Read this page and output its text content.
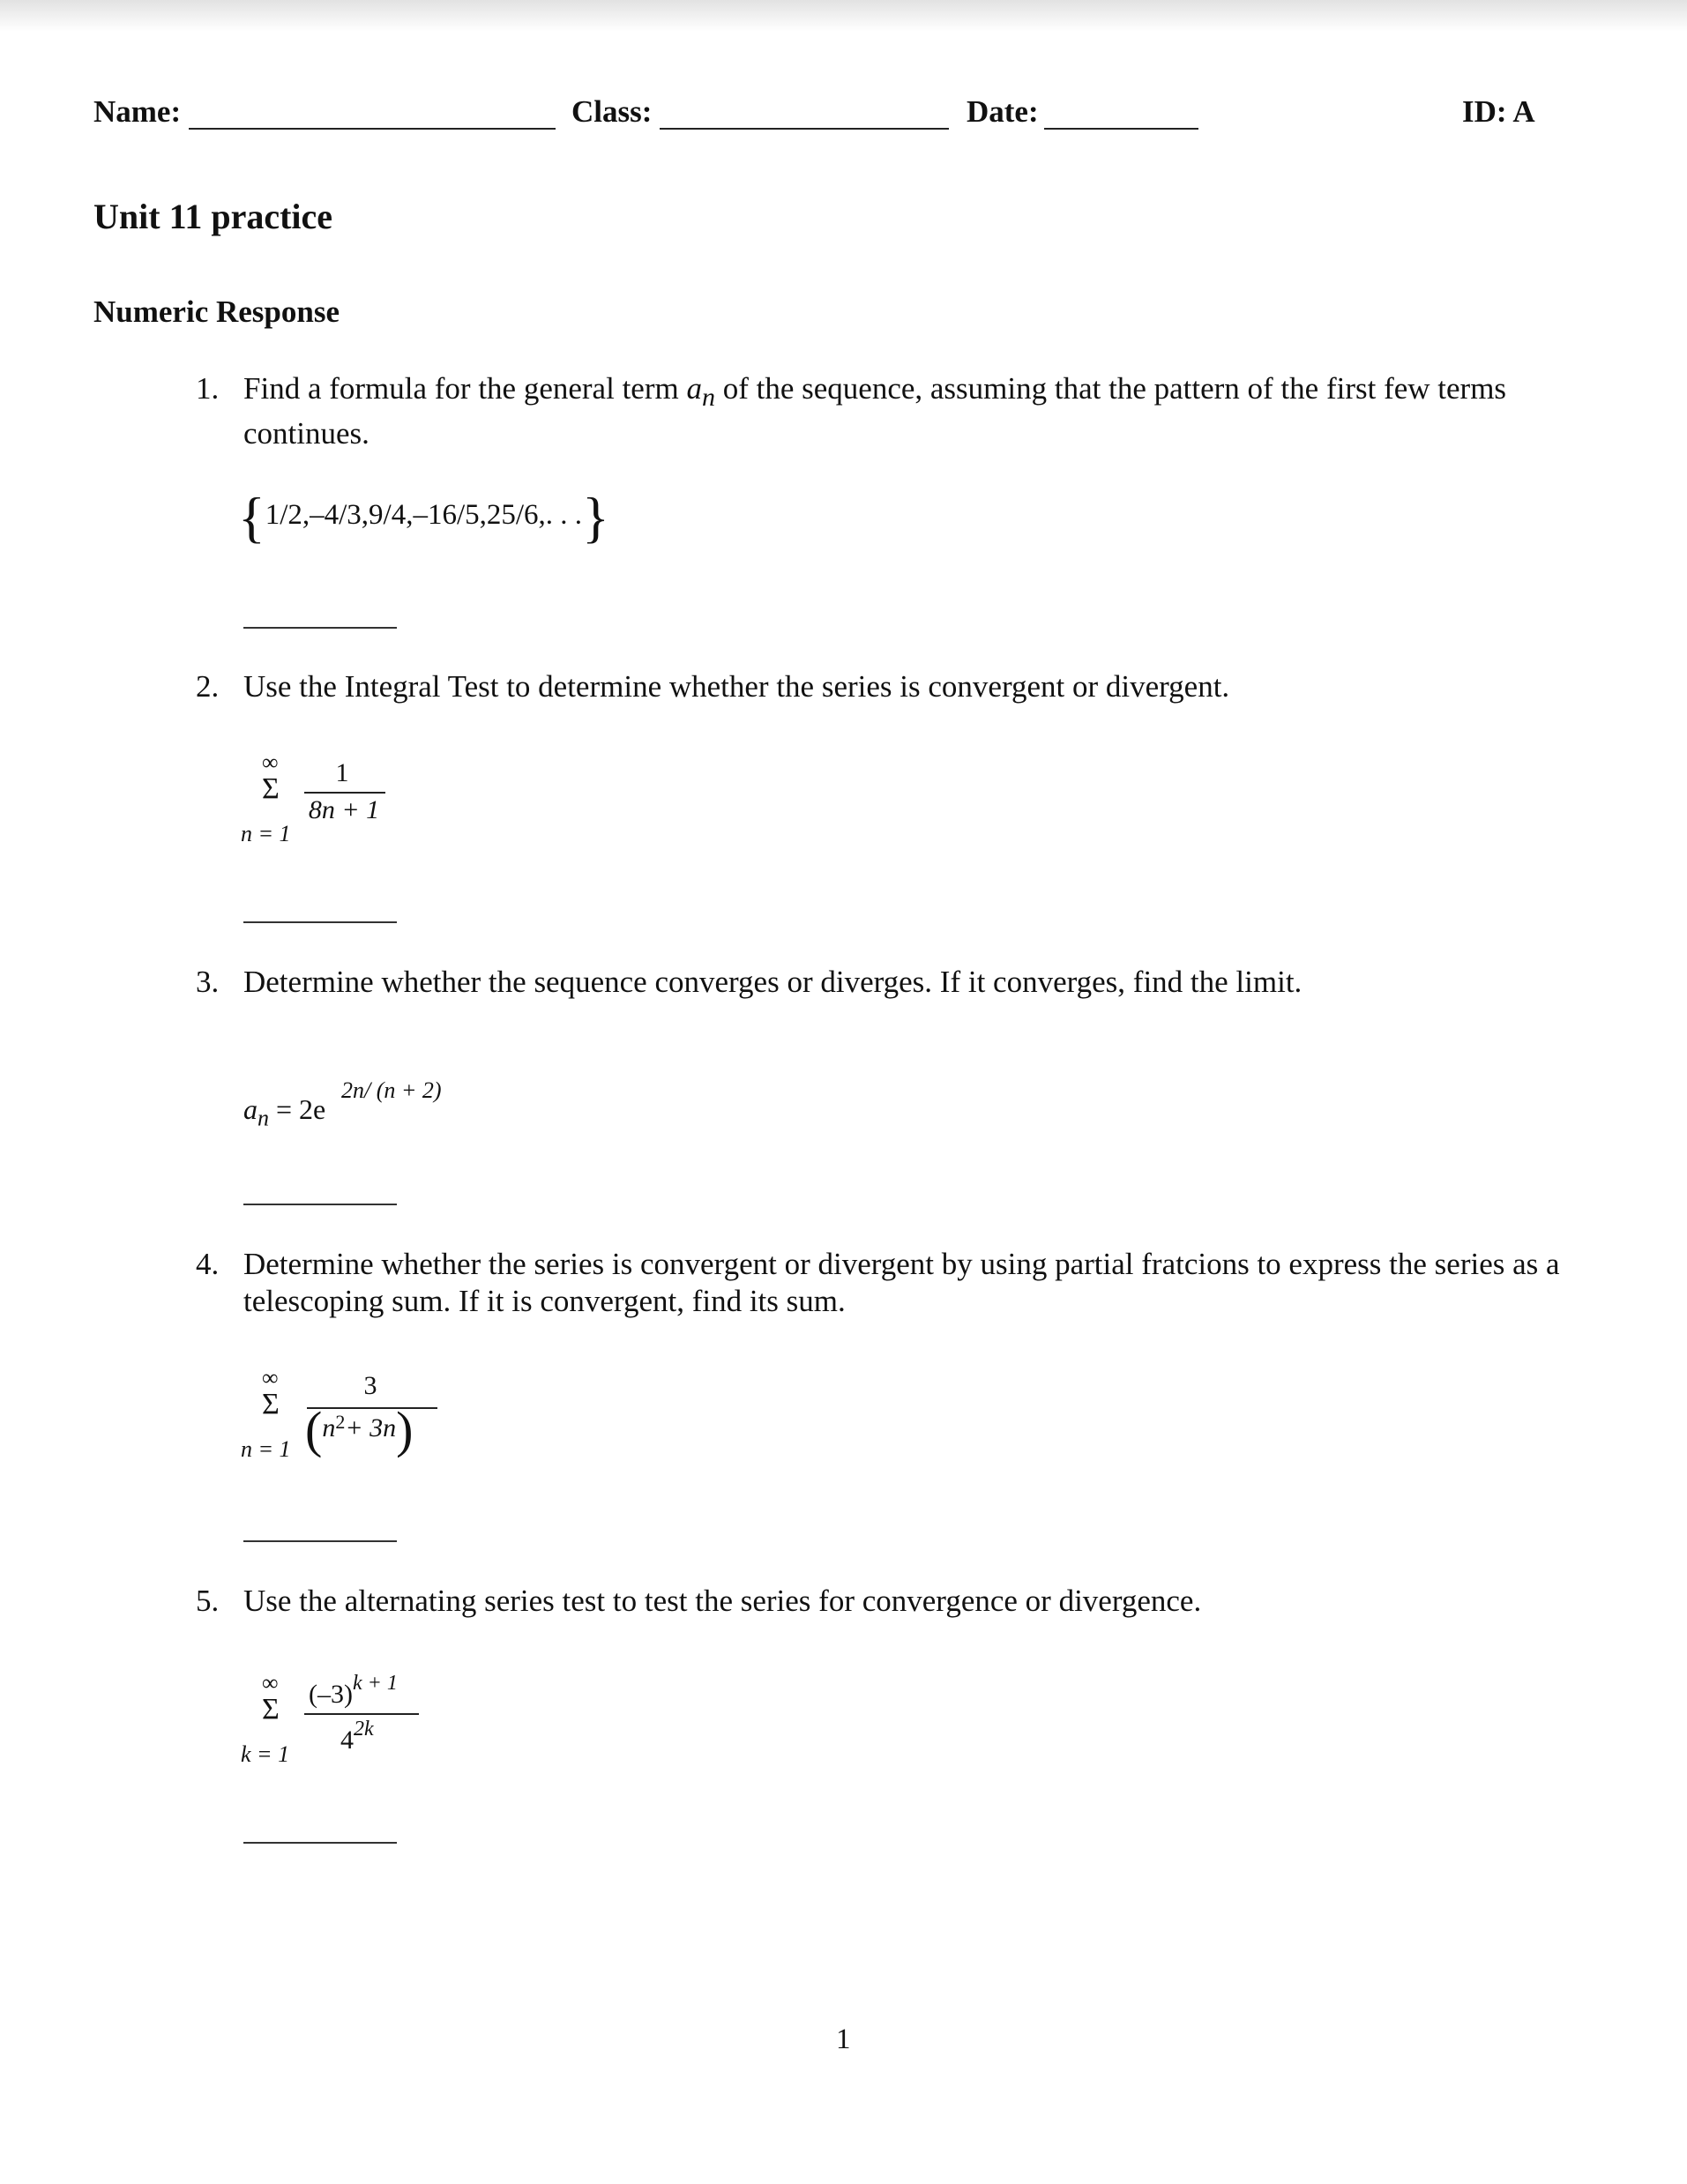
Name:	Class:	Date:	ID: A
Unit 11 practice
Numeric Response
1. Find a formula for the general term $a_n$ of the sequence, assuming that the pattern of the first few terms
continues.
{1/2,–4/3,9/4,–16/5,25/6,. . .}
2. Use the Integral Test to determine whether the series is convergent or divergent.
∞
Σ
n = 1
1
8n + 1
3. Determine whether the sequence converges or diverges. If it converges, find the limit.
$a_n = 2e$
2n/ (n + 2)
4. Determine whether the series is convergent or divergent by using partial fratcions to express the series as a
telescoping sum. If it is convergent, find its sum.
∞
Σ
n = 1
3
$(n^2+ 3n)$
5. Use the alternating series test to test the series for convergence or divergence.
∞
Σ
k = 1
$(-3)^{k + 1}$
$4^{2k}$
1
